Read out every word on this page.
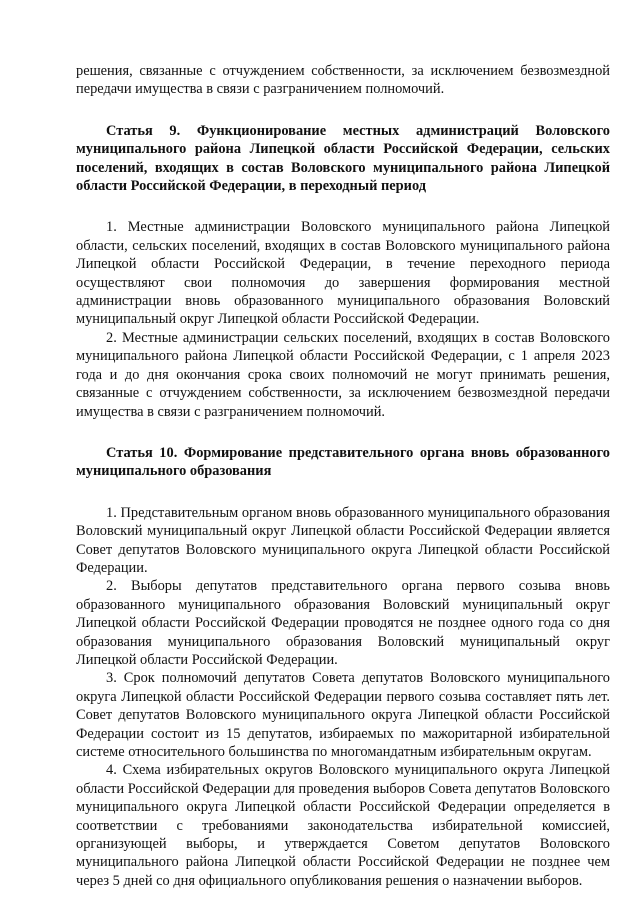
решения, связанные с отчуждением собственности, за исключением безвозмездной передачи имущества в связи с разграничением полномочий.

Статья 9. Функционирование местных администраций Воловского муниципального района Липецкой области Российской Федерации, сельских поселений, входящих в состав Воловского муниципального района Липецкой области Российской Федерации, в переходный период

1. Местные администрации Воловского муниципального района Липецкой области, сельских поселений, входящих в состав Воловского муниципального района Липецкой области Российской Федерации, в течение переходного периода осуществляют свои полномочия до завершения формирования местной администрации вновь образованного муниципального образования Воловский муниципальный округ Липецкой области Российской Федерации.

2. Местные администрации сельских поселений, входящих в состав Воловского муниципального района Липецкой области Российской Федерации, с 1 апреля 2023 года и до дня окончания срока своих полномочий не могут принимать решения, связанные с отчуждением собственности, за исключением безвозмездной передачи имущества в связи с разграничением полномочий.

Статья 10. Формирование представительного органа вновь образованного муниципального образования

1. Представительным органом вновь образованного муниципального образования Воловский муниципальный округ Липецкой области Российской Федерации является Совет депутатов Воловского муниципального округа Липецкой области Российской Федерации.

2. Выборы депутатов представительного органа первого созыва вновь образованного муниципального образования Воловский муниципальный округ Липецкой области Российской Федерации проводятся не позднее одного года со дня образования муниципального образования Воловский муниципальный округ Липецкой области Российской Федерации.

3. Срок полномочий депутатов Совета депутатов Воловского муниципального округа Липецкой области Российской Федерации первого созыва составляет пять лет. Совет депутатов Воловского муниципального округа Липецкой области Российской Федерации состоит из 15 депутатов, избираемых по мажоритарной избирательной системе относительного большинства по многомандатным избирательным округам.

4. Схема избирательных округов Воловского муниципального округа Липецкой области Российской Федерации для проведения выборов Совета депутатов Воловского муниципального округа Липецкой области Российской Федерации определяется в соответствии с требованиями законодательства избирательной комиссией, организующей выборы, и утверждается Советом депутатов Воловского муниципального района Липецкой области Российской Федерации не позднее чем через 5 дней со дня официального опубликования решения о назначении выборов.
